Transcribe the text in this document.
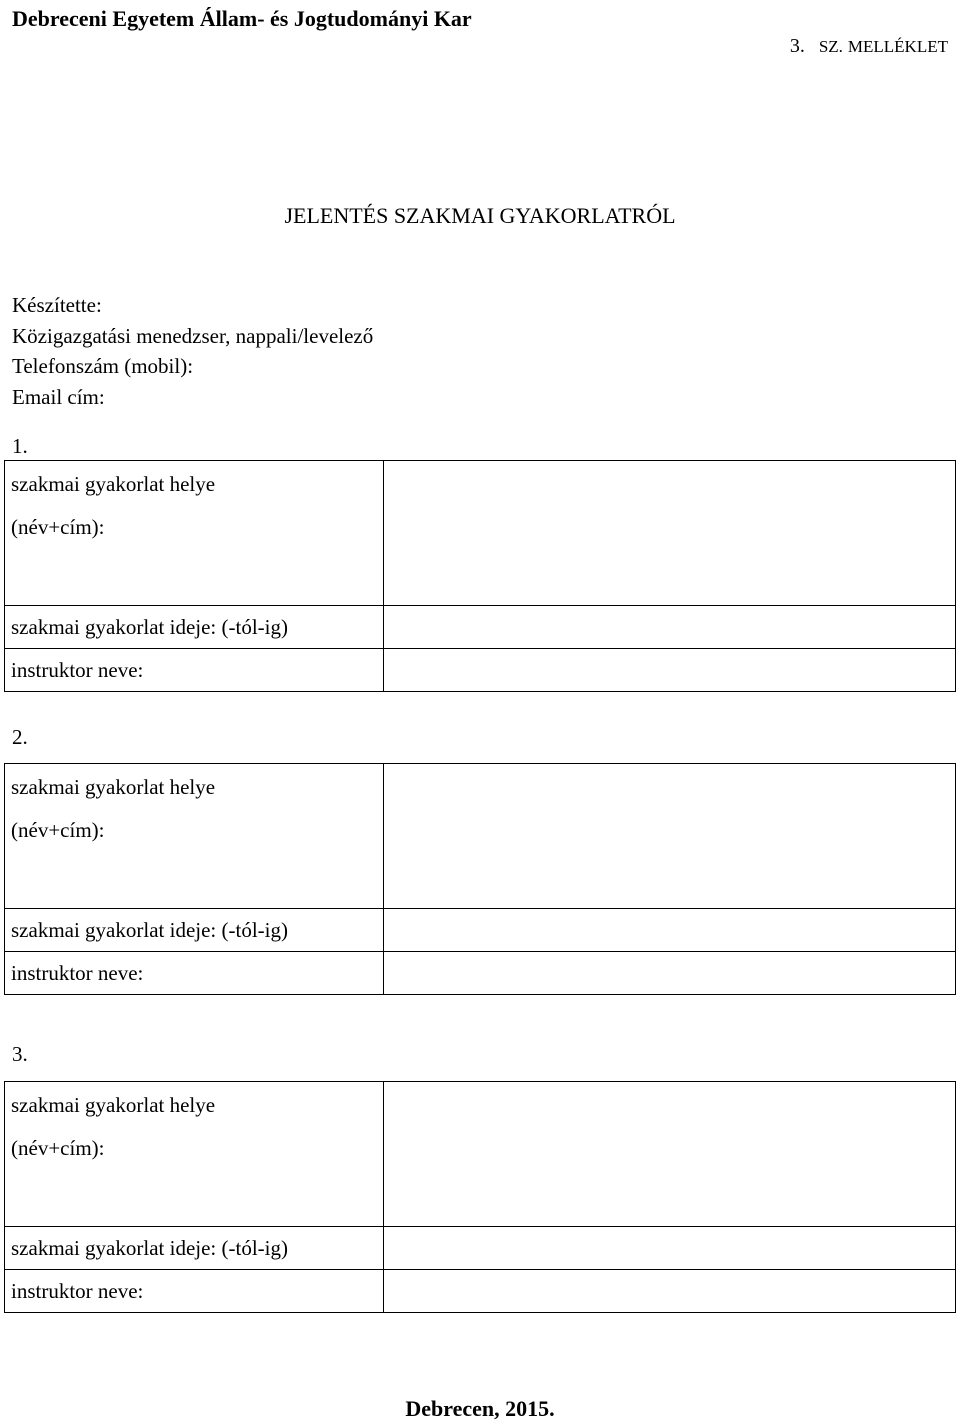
Debreceni Egyetem Állam- és Jogtudományi Kar
3. SZ. MELLÉKLET
JELENTÉS SZAKMAI GYAKORLATRÓL
Készítette:
Közigazgatási menedzser, nappali/levelező
Telefonszám (mobil):
Email cím:
1.
szakmai gyakorlat helye
(név+cím):	

szakmai gyakorlat ideje: (-tól-ig)	
instruktor neve:	
2.
szakmai gyakorlat helye
(név+cím):	

szakmai gyakorlat ideje: (-tól-ig)	
instruktor neve:	
3.
szakmai gyakorlat helye
(név+cím):	

szakmai gyakorlat ideje: (-tól-ig)	
instruktor neve:	
Debrecen, 2015.
